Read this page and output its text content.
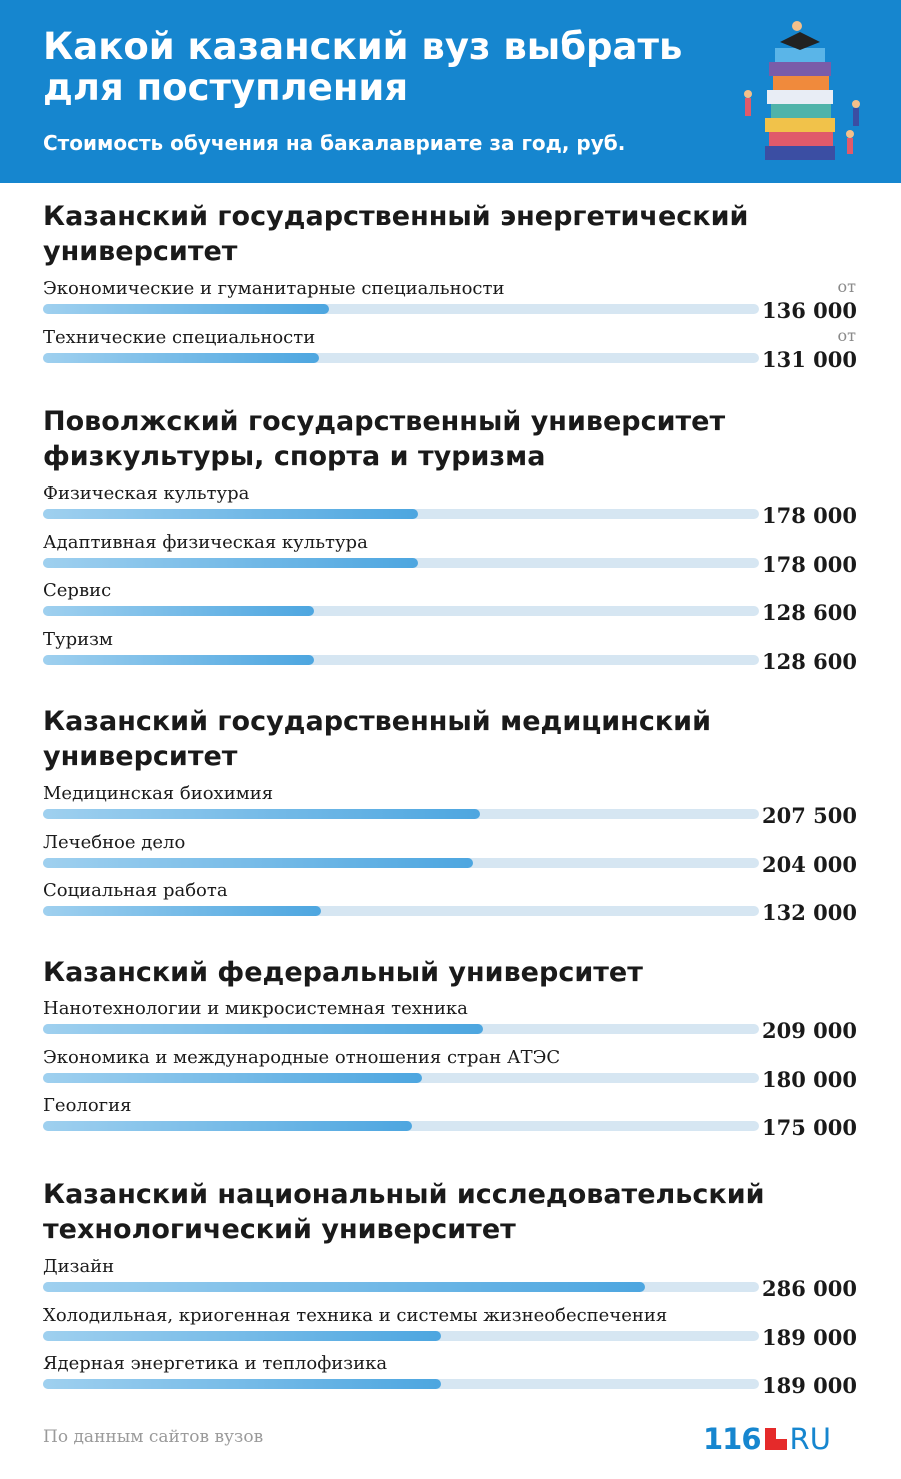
Какой казанский вуз выбрать для поступления
Стоимость обучения на бакалавриате за год, руб.
Казанский государственный энергетический университет
Экономические и гуманитарные специальности	от
136 000
Технические специальности	от
131 000
Поволжский государственный университет физкультуры, спорта и туризма
Физическая культура
178 000
Адаптивная физическая культура
178 000
Сервис
128 600
Туризм
128 600
Казанский государственный медицинский университет
Медицинская биохимия
207 500
Лечебное дело
204 000
Социальная работа
132 000
Казанский федеральный университет
Нанотехнологии и микросистемная техника
209 000
Экономика и международные отношения стран АТЭС
180 000
Геология
175 000
Казанский национальный исследовательский технологический университет
Дизайн
286 000
Холодильная, криогенная техника и системы жизнеобеспечения
189 000
Ядерная энергетика и теплофизика
189 000
По данным сайтов вузов	116 RU
